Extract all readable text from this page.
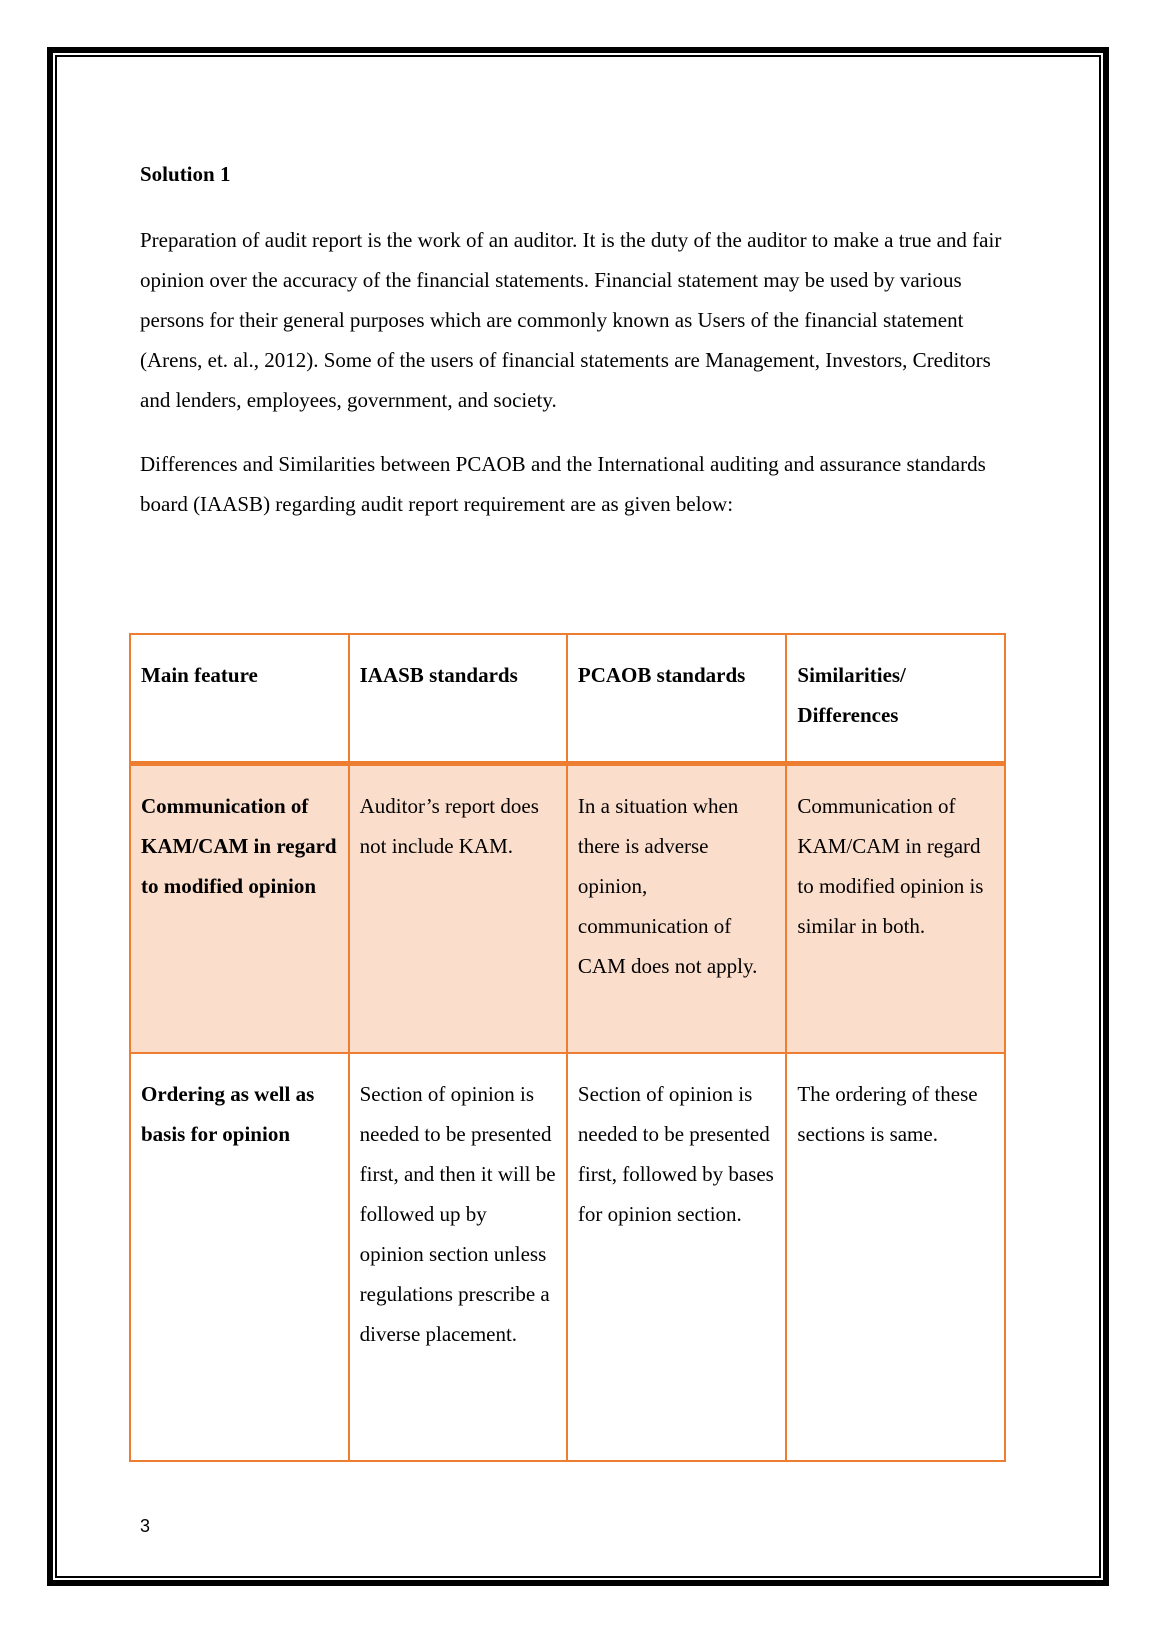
Solution 1
Preparation of audit report is the work of an auditor. It is the duty of the auditor to make a true and fair opinion over the accuracy of the financial statements. Financial statement may be used by various persons for their general purposes which are commonly known as Users of the financial statement (Arens, et. al., 2012). Some of the users of financial statements are Management, Investors, Creditors and lenders, employees, government, and society.
Differences and Similarities between PCAOB and the International auditing and assurance standards board (IAASB) regarding audit report requirement are as given below:
Main feature	IAASB standards	PCAOB standards	Similarities/ Differences
Communication of KAM/CAM in regard to modified opinion	Auditor’s report does not include KAM.	In a situation when there is adverse opinion, communication of CAM does not apply.	Communication of KAM/CAM in regard to modified opinion is similar in both.
Ordering as well as basis for opinion	Section of opinion is needed to be presented first, and then it will be followed up by opinion section unless regulations prescribe a diverse placement.	Section of opinion is needed to be presented first, followed by bases for opinion section.	The ordering of these sections is same.
3
